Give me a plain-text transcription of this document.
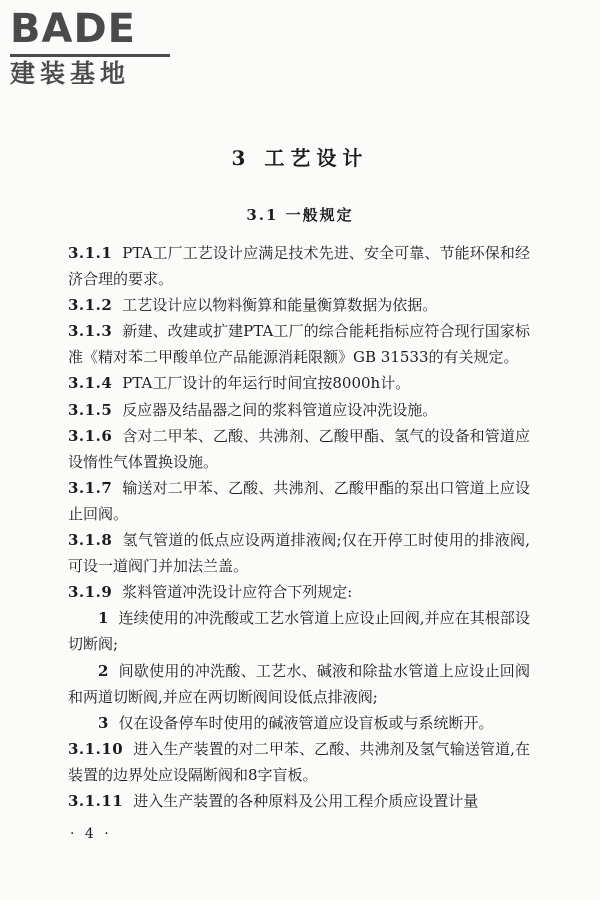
BADE
建装基地
3 工艺设计
3.1 一般规定

3.1.1 PTA工厂工艺设计应满足技术先进、安全可靠、节能环保和经济合理的要求。

3.1.2 工艺设计应以物料衡算和能量衡算数据为依据。

3.1.3 新建、改建或扩建PTA工厂的综合能耗指标应符合现行国家标准《精对苯二甲酸单位产品能源消耗限额》GB 31533的有关规定。

3.1.4 PTA工厂设计的年运行时间宜按8000h计。

3.1.5 反应器及结晶器之间的浆料管道应设冲洗设施。

3.1.6 含对二甲苯、乙酸、共沸剂、乙酸甲酯、氢气的设备和管道应设惰性气体置换设施。

3.1.7 输送对二甲苯、乙酸、共沸剂、乙酸甲酯的泵出口管道上应设止回阀。

3.1.8 氢气管道的低点应设两道排液阀;仅在开停工时使用的排液阀,可设一道阀门并加法兰盖。

3.1.9 浆料管道冲洗设计应符合下列规定:

1 连续使用的冲洗酸或工艺水管道上应设止回阀,并应在其根部设切断阀;

2 间歇使用的冲洗酸、工艺水、碱液和除盐水管道上应设止回阀和两道切断阀,并应在两切断阀间设低点排液阀;

3 仅在设备停车时使用的碱液管道应设盲板或与系统断开。

3.1.10 进入生产装置的对二甲苯、乙酸、共沸剂及氢气输送管道,在装置的边界处应设隔断阀和8字盲板。

3.1.11 进入生产装置的各种原料及公用工程介质应设置计量

· 4 ·
